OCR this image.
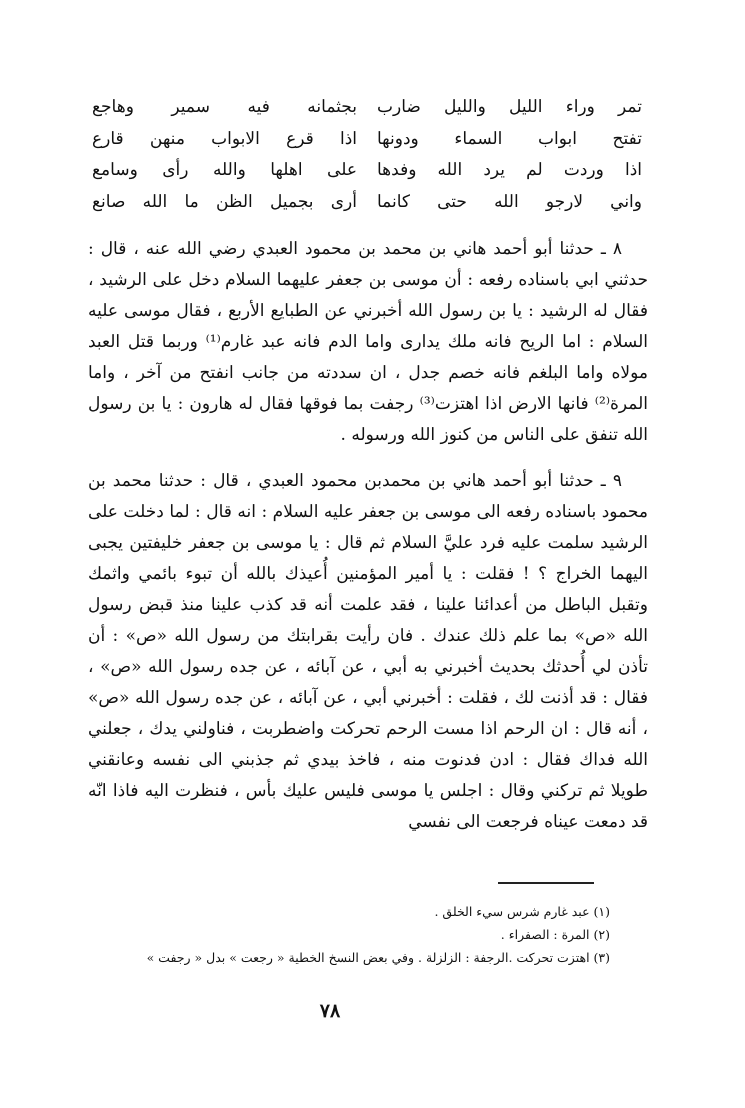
تمر وراء الليل والليل ضارب
بجثمانه فيه سمير وهاجع
تفتح ابواب السماء ودونها
اذا قرع الابواب منهن قارع
اذا وردت لم يرد الله وفدها
على اهلها والله رأى وسامع
واني لارجو الله حتى كانما
أرى بجميل الظن ما الله صانع

٨ ـ حدثنا أبو أحمد هاني بن محمد بن محمود العبدي رضي الله عنه ، قال : حدثني ابي باسناده رفعه : أن موسى بن جعفر عليهما السلام دخل على الرشيد ، فقال له الرشيد : يا بن رسول الله أخبرني عن الطبايع الأربع ، فقال موسى عليه السلام : اما الريح فانه ملك يدارى واما الدم فانه عبد غارم⁽¹⁾ وربما قتل العبد مولاه واما البلغم فانه خصم جدل ، ان سددته من جانب انفتح من آخر ، واما المرة⁽²⁾ فانها الارض اذا اهتزت⁽³⁾ رجفت بما فوقها فقال له هارون : يا بن رسول الله تنفق على الناس من كنوز الله ورسوله .

٩ ـ حدثنا أبو أحمد هاني بن محمدبن محمود العبدي ، قال : حدثنا محمد بن محمود باسناده رفعه الى موسى بن جعفر عليه السلام : انه قال : لما دخلت على الرشيد سلمت عليه فرد عليَّ السلام ثم قال : يا موسى بن جعفر خليفتين يجبى اليهما الخراج ؟ ! فقلت : يا أمير المؤمنين أُعيذك بالله أن تبوء بائمي واثمك وتقبل الباطل من أعدائنا علينا ، فقد علمت أنه قد كذب علينا منذ قبض رسول الله «ص» بما علم ذلك عندك . فان رأيت بقرابتك من رسول الله «ص» : أن تأذن لي أُحدثك بحديث أخبرني به أبي ، عن آبائه ، عن جده رسول الله «ص» ، فقال : قد أذنت لك ، فقلت : أخبرني أبي ، عن آبائه ، عن جده رسول الله «ص» ، أنه قال : ان الرحم اذا مست الرحم تحركت واضطربت ، فناولني يدك ، جعلني الله فداك فقال : ادن فدنوت منه ، فاخذ بيدي ثم جذبني الى نفسه وعانقني طويلا ثم تركني وقال : اجلس يا موسى فليس عليك بأس ، فنظرت اليه فاذا انّه قد دمعت عيناه فرجعت الى نفسي

(١) عبد غارم شرس سيء الخلق .

(٢) المرة : الصفراء .

(٣) اهتزت تحركت .الرجفة : الزلزلة . وفي بعض النسخ الخطية « رجعت » بدل « رجفت »

٧٨
